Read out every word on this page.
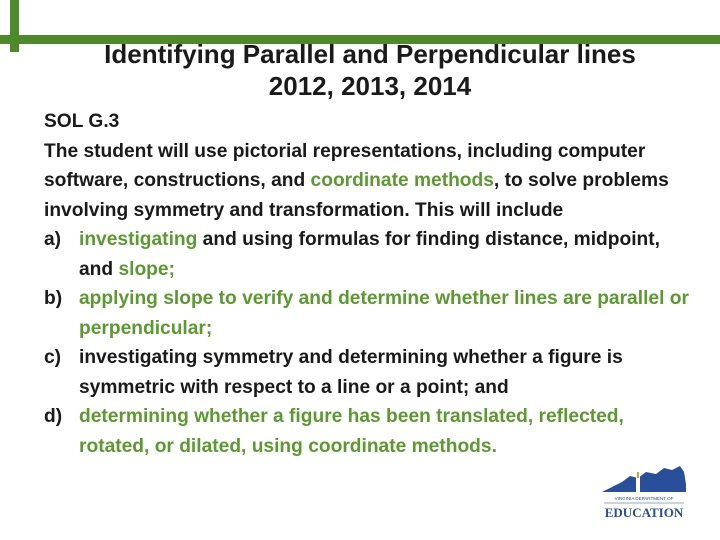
Identifying Parallel and Perpendicular lines
2012, 2013, 2014

SOL G.3

The student will use pictorial representations, including computer software, constructions, and coordinate methods, to solve problems involving symmetry and transformation. This will include

a) investigating and using formulas for finding distance, midpoint, and slope;

b) applying slope to verify and determine whether lines are parallel or perpendicular;

c) investigating symmetry and determining whether a figure is symmetric with respect to a line or a point; and

d) determining whether a figure has been translated, reflected, rotated, or dilated, using coordinate methods.

VIRGINIA DEPARTMENT OF
EDUCATION
